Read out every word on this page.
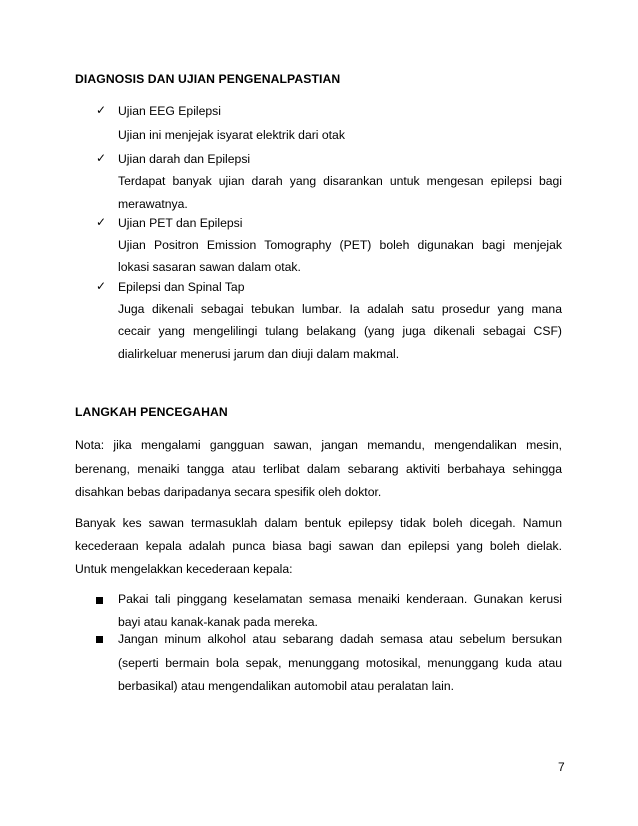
DIAGNOSIS DAN UJIAN PENGENALPASTIAN
✓ Ujian EEG Epilepsi
Ujian ini menjejak isyarat elektrik dari otak
✓ Ujian darah dan Epilepsi
Terdapat banyak ujian darah yang disarankan untuk mengesan epilepsi bagi
merawatnya.
✓ Ujian PET dan Epilepsi
Ujian Positron Emission Tomography (PET) boleh digunakan bagi menjejak
lokasi sasaran sawan dalam otak.
✓ Epilepsi dan Spinal Tap
Juga dikenali sebagai tebukan lumbar. Ia adalah satu prosedur yang mana
cecair yang mengelilingi tulang belakang (yang juga dikenali sebagai CSF)
dialirkeluar menerusi jarum dan diuji dalam makmal.
LANGKAH PENCEGAHAN
Nota: jika mengalami gangguan sawan, jangan memandu, mengendalikan mesin,
berenang, menaiki tangga atau terlibat dalam sebarang aktiviti berbahaya sehingga
disahkan bebas daripadanya secara spesifik oleh doktor.
Banyak kes sawan termasuklah dalam bentuk epilepsy tidak boleh dicegah. Namun
kecederaan kepala adalah punca biasa bagi sawan dan epilepsi yang boleh dielak.
Untuk mengelakkan kecederaan kepala:
Pakai tali pinggang keselamatan semasa menaiki kenderaan. Gunakan kerusi
bayi atau kanak-kanak pada mereka.
Jangan minum alkohol atau sebarang dadah semasa atau sebelum bersukan
(seperti bermain bola sepak, menunggang motosikal, menunggang kuda atau
berbasikal) atau mengendalikan automobil atau peralatan lain.
7
